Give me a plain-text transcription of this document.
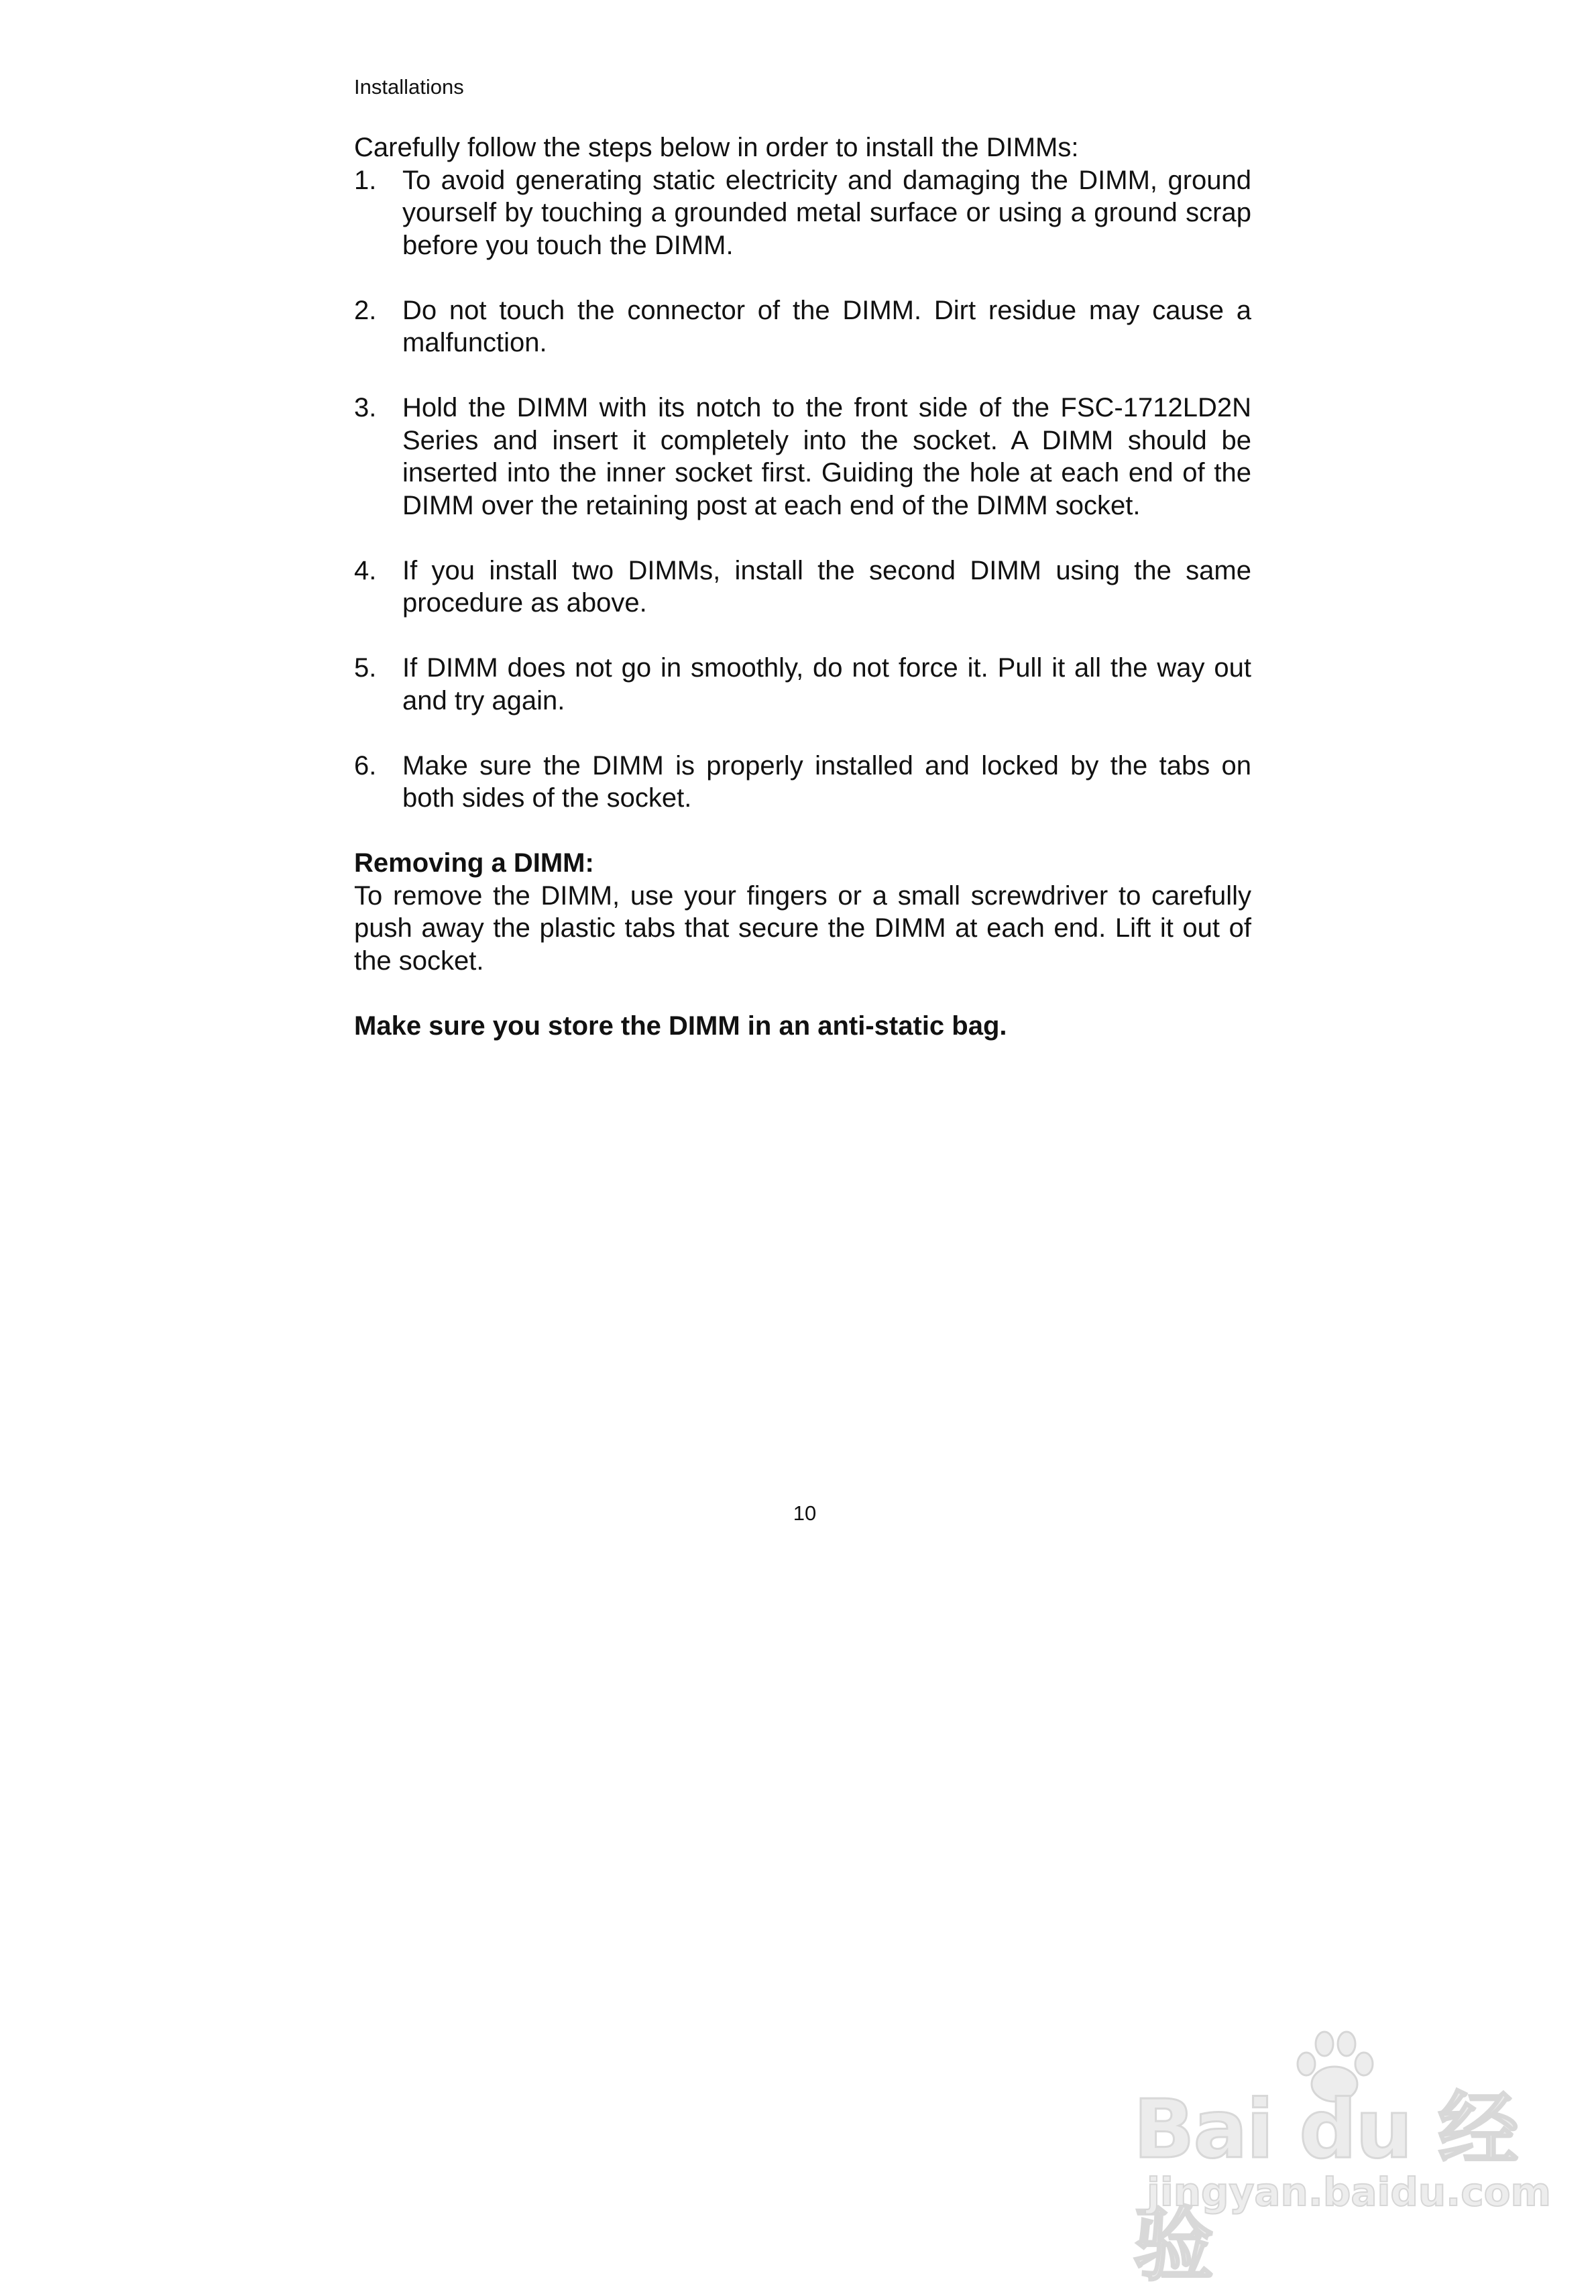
Installations

Carefully follow the steps below in order to install the DIMMs:

1. To avoid generating static electricity and damaging the DIMM, ground yourself by touching a grounded metal surface or using a ground scrap before you touch the DIMM.
2. Do not touch the connector of the DIMM. Dirt residue may cause a malfunction.
3. Hold the DIMM with its notch to the front side of the FSC-1712LD2N Series and insert it completely into the socket. A DIMM should be inserted into the inner socket first. Guiding the hole at each end of the DIMM over the retaining post at each end of the DIMM socket.
4. If you install two DIMMs, install the second DIMM using the same procedure as above.
5. If DIMM does not go in smoothly, do not force it. Pull it all the way out and try again.
6. Make sure the DIMM is properly installed and locked by the tabs on both sides of the socket.

Removing a DIMM:

To remove the DIMM, use your fingers or a small screwdriver to carefully push away the plastic tabs that secure the DIMM at each end. Lift it out of the socket.

Make sure you store the DIMM in an anti-static bag.

10
Bai du 经验
jingyan.baidu.com
